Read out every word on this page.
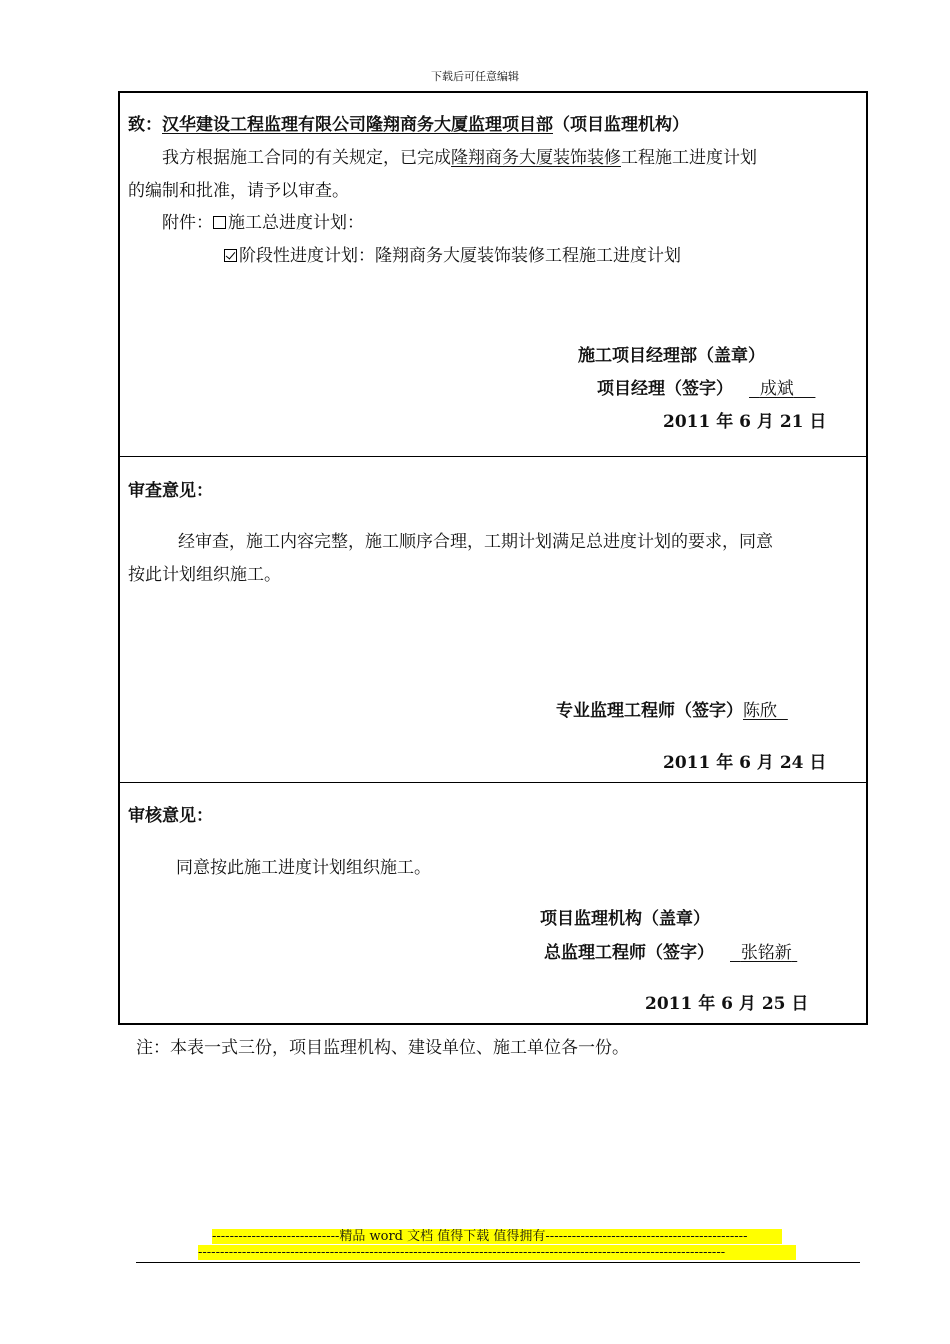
下载后可任意编辑
致：汉华建设工程监理有限公司隆翔商务大厦监理项目部（项目监理机构）
我方根据施工合同的有关规定，已完成隆翔商务大厦装饰装修工程施工进度计划
的编制和批准，请予以审查。
附件： 施工总进度计划：
阶段性进度计划：隆翔商务大厦装饰装修工程施工进度计划
施工项目经理部（盖章）
项目经理（签字） 成斌
2011 年 6 月 21 日
审查意见：
经审查，施工内容完整，施工顺序合理，工期计划满足总进度计划的要求，同意
按此计划组织施工。
专业监理工程师（签字）陈欣
2011 年 6 月 24 日
审核意见：
同意按此施工进度计划组织施工。
项目监理机构（盖章）
总监理工程师（签字） 张铭新
2011 年 6 月 25 日
注：本表一式三份，项目监理机构、建设单位、施工单位各一份。
-----------------------------精品 word 文档 值得下载 值得拥有----------------------------------------------
------------------------------------------------------------------------------------------------------------------------
